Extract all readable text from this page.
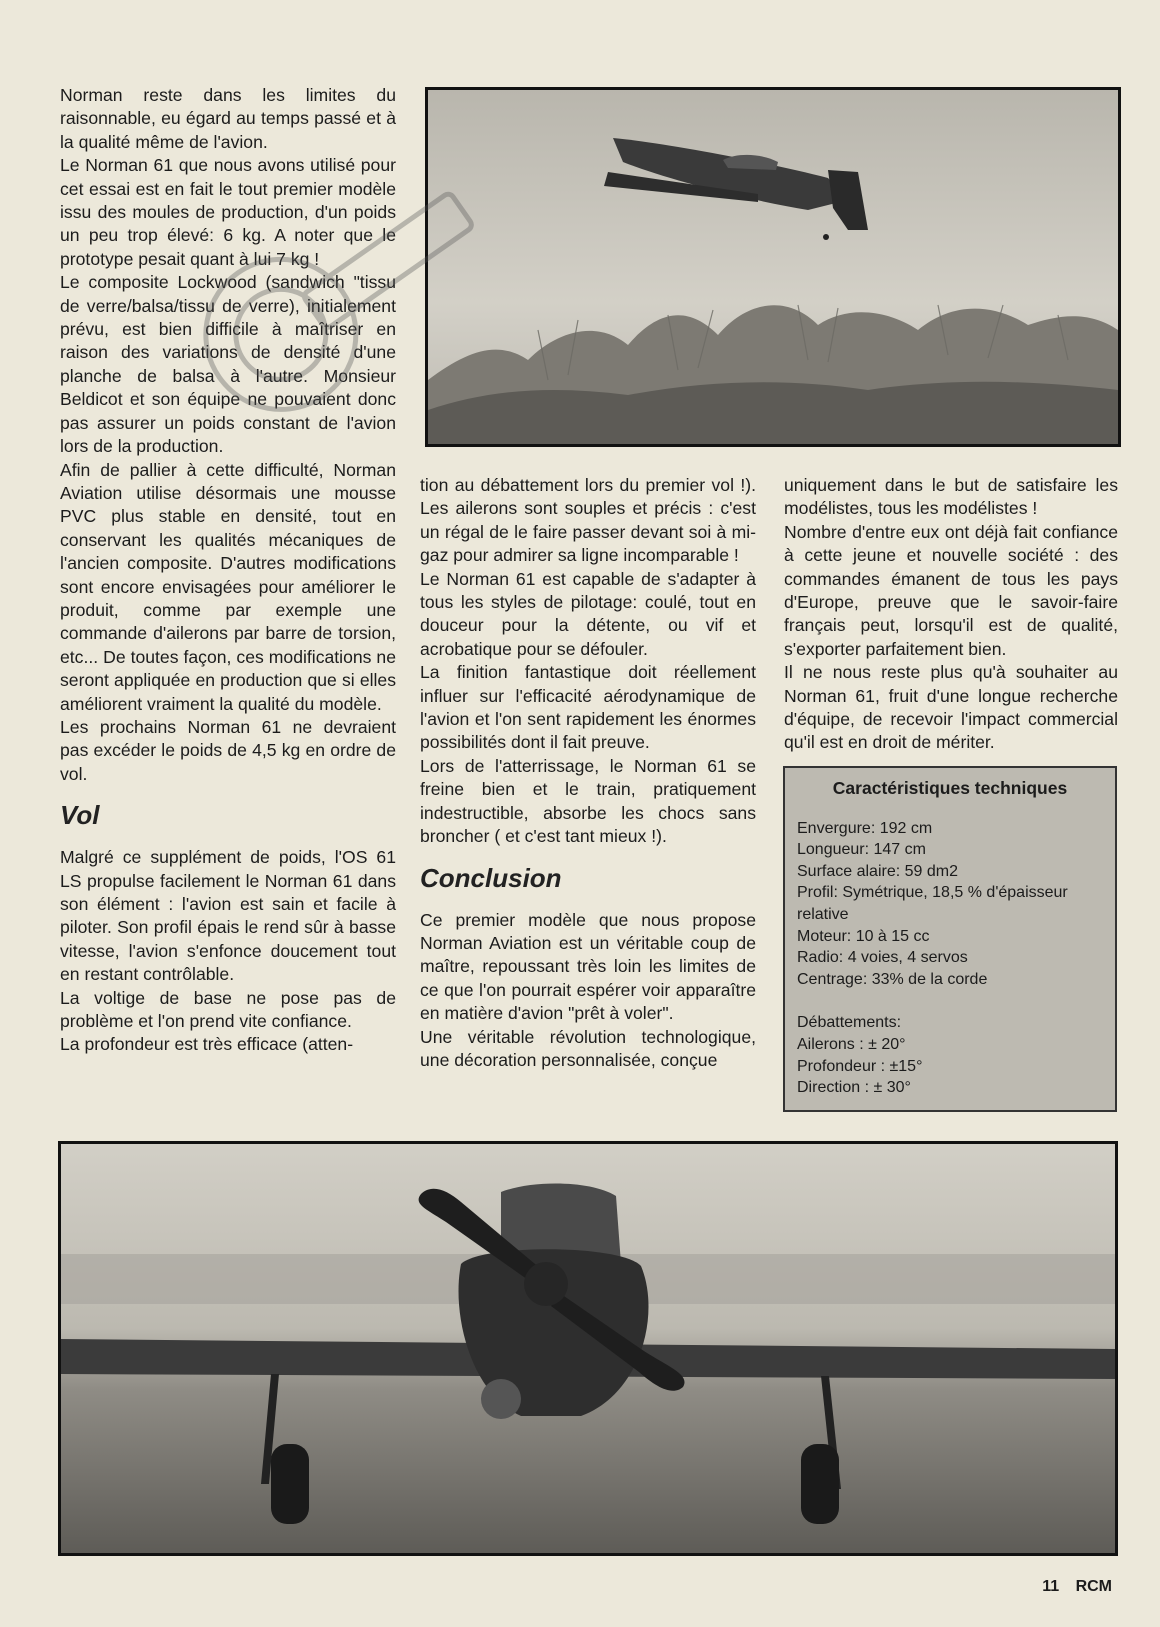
Norman reste dans les limites du raisonnable, eu égard au temps passé et à la qualité même de l'avion.

Le Norman 61 que nous avons utilisé pour cet essai est en fait le tout premier modèle issu des moules de production, d'un poids un peu trop élevé: 6 kg. A noter que le prototype pesait quant à lui 7 kg !

Le composite Lockwood (sandwich "tissu de verre/balsa/tissu de verre), initialement prévu, est bien difficile à maîtriser en raison des variations de densité d'une planche de balsa à l'autre. Monsieur Beldicot et son équipe ne pouvaient donc pas assurer un poids constant de l'avion lors de la production.

Afin de pallier à cette difficulté, Norman Aviation utilise désormais une mousse PVC plus stable en densité, tout en conservant les qualités mécaniques de l'ancien composite. D'autres modifications sont encore envisagées pour améliorer le produit, comme par exemple une commande d'ailerons par barre de torsion, etc... De toutes façon, ces modifications ne seront appliquée en production que si elles améliorent vraiment la qualité du modèle.

Les prochains Norman 61 ne devraient pas excéder le poids de 4,5 kg en ordre de vol.

Vol

Malgré ce supplément de poids, l'OS 61 LS propulse facilement le Norman 61 dans son élément : l'avion est sain et facile à piloter. Son profil épais le rend sûr à basse vitesse, l'avion s'enfonce doucement tout en restant contrôlable.

La voltige de base ne pose pas de problème et l'on prend vite confiance.

La profondeur est très efficace (atten-

tion au débattement lors du premier vol !). Les ailerons sont souples et précis : c'est un régal de le faire passer devant soi à mi-gaz pour admirer sa ligne incomparable !

Le Norman 61 est capable de s'adapter à tous les styles de pilotage: coulé, tout en douceur pour la détente, ou vif et acrobatique pour se défouler.

La finition fantastique doit réellement influer sur l'efficacité aérodynamique de l'avion et l'on sent rapidement les énormes possibilités dont il fait preuve.

Lors de l'atterrissage, le Norman 61 se freine bien et le train, pratiquement indestructible, absorbe les chocs sans broncher ( et c'est tant mieux !).

Conclusion

Ce premier modèle que nous propose Norman Aviation est un véritable coup de maître, repoussant très loin les limites de ce que l'on pourrait espérer voir apparaître en matière d'avion "prêt à voler".

Une véritable révolution technologique, une décoration personnalisée, conçue

uniquement dans le but de satisfaire les modélistes, tous les modélistes !

Nombre d'entre eux ont déjà fait confiance à cette jeune et nouvelle société : des commandes émanent de tous les pays d'Europe, preuve que le savoir-faire français peut, lorsqu'il est de qualité, s'exporter parfaitement bien.

Il ne nous reste plus qu'à souhaiter au Norman 61, fruit d'une longue recherche d'équipe, de recevoir l'impact commercial qu'il est en droit de mériter.

Caractéristiques techniques

Envergure: 192 cm

Longueur: 147 cm

Surface alaire: 59 dm2

Profil: Symétrique, 18,5 % d'épaisseur relative

Moteur: 10 à 15 cc

Radio: 4 voies, 4 servos

Centrage: 33% de la corde

Débattements:

Ailerons : ± 20°

Profondeur : ±15°

Direction : ± 30°

11 RCM
